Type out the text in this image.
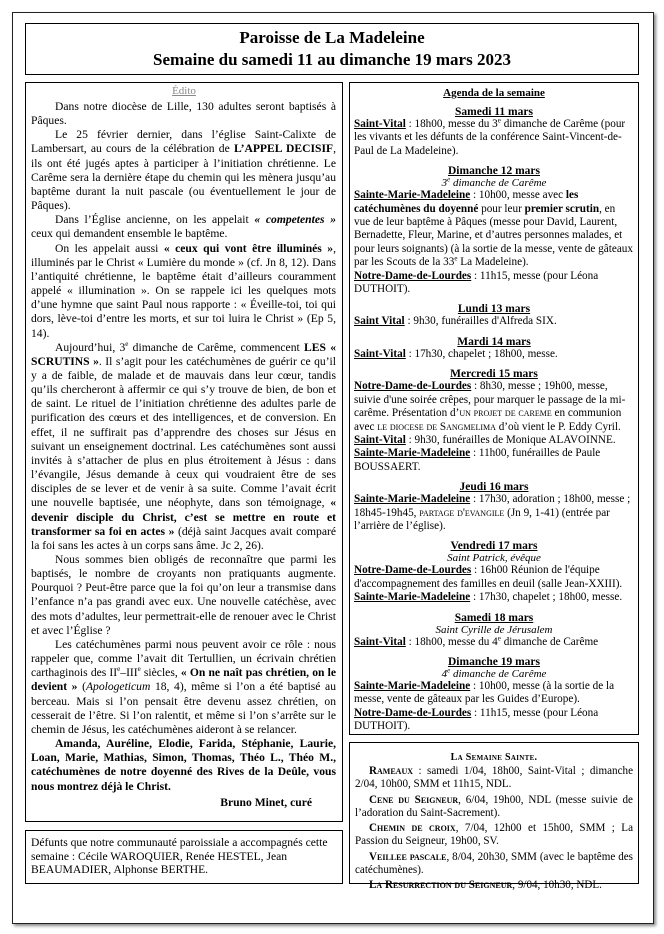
Paroisse de La Madeleine
Semaine du samedi 11 au dimanche 19 mars 2023
Édito

Dans notre diocèse de Lille, 130 adultes seront baptisés à Pâques.

Le 25 février dernier, dans l’église Saint-Calixte de Lambersart, au cours de la célébration de L’APPEL DECISIF, ils ont été jugés aptes à participer à l’initiation chrétienne. Le Carême sera la dernière étape du chemin qui les mènera jusqu’au baptême durant la nuit pascale (ou éventuellement le jour de Pâques).

Dans l’Église ancienne, on les appelait « competentes » ceux qui demandent ensemble le baptême.

On les appelait aussi « ceux qui vont être illuminés », illuminés par le Christ « Lumière du monde » (cf. Jn 8, 12). Dans l’antiquité chrétienne, le baptême était d’ailleurs couramment appelé « illumination ». On se rappele ici les quelques mots d’une hymne que saint Paul nous rapporte : « Éveille-toi, toi qui dors, lève-toi d’entre les morts, et sur toi luira le Christ » (Ep 5, 14).

Aujourd’hui, 3e dimanche de Carême, commencent LES « SCRUTINS ». Il s’agit pour les catéchumènes de guérir ce qu’il y a de faible, de malade et de mauvais dans leur cœur, tandis qu’ils chercheront à affermir ce qui s’y trouve de bien, de bon et de saint. Le rituel de l’initiation chrétienne des adultes parle de purification des cœurs et des intelligences, et de conversion. En effet, il ne suffirait pas d’apprendre des choses sur Jésus en suivant un enseignement doctrinal. Les catéchumènes sont aussi invités à s’attacher de plus en plus étroitement à Jésus : dans l’évangile, Jésus demande à ceux qui voudraient être de ses disciples de se lever et de venir à sa suite. Comme l’avait écrit une nouvelle baptisée, une néophyte, dans son témoignage, « devenir disciple du Christ, c’est se mettre en route et transformer sa foi en actes » (déjà saint Jacques avait comparé la foi sans les actes à un corps sans âme. Jc 2, 26).

Nous sommes bien obligés de reconnaître que parmi les baptisés, le nombre de croyants non pratiquants augmente. Pourquoi ? Peut-être parce que la foi qu’on leur a transmise dans l’enfance n’a pas grandi avec eux. Une nouvelle catéchèse, avec des mots d’adultes, leur permettrait-elle de renouer avec le Christ et avec l’Église ?

Les catéchumènes parmi nous peuvent avoir ce rôle : nous rappeler que, comme l’avait dit Tertullien, un écrivain chrétien carthaginois des IIe–IIIe siècles, « On ne naît pas chrétien, on le devient » (Apologeticum 18, 4), même si l’on a été baptisé au berceau. Mais si l’on pensait être devenu assez chrétien, on cesserait de l’être. Si l’on ralentit, et même si l’on s’arrête sur le chemin de Jésus, les catéchumènes aideront à se relancer.

Amanda, Auréline, Elodie, Farida, Stéphanie, Laurie, Loan, Marie, Mathias, Simon, Thomas, Théo L., Théo M., catéchumènes de notre doyenné des Rives de la Deûle, vous nous montrez déjà le Christ.

Bruno Minet, curé

Défunts que notre communauté paroissiale a accompagnés cette semaine : Cécile WAROQUIER, Renée HESTEL, Jean BEAUMADIER, Alphonse BERTHE.
Agenda de la semaine
Samedi 11 mars
Saint-Vital : 18h00, messe du 3e dimanche de Carême (pour les vivants et les défunts de la conférence Saint-Vincent-de-Paul de La Madeleine).
Dimanche 12 mars
3e dimanche de Carême
Sainte-Marie-Madeleine : 10h00, messe avec les catéchumènes du doyenné pour leur premier scrutin, en vue de leur baptême à Pâques (messe pour David, Laurent, Bernadette, Fleur, Marine, et d’autres personnes malades, et pour leurs soignants) (à la sortie de la messe, vente de gâteaux par les Scouts de la 33e La Madeleine).
Notre-Dame-de-Lourdes : 11h15, messe (pour Léona DUTHOIT).
Lundi 13 mars
Saint Vital : 9h30, funérailles d'Alfreda SIX.
Mardi 14 mars
Saint-Vital : 17h30, chapelet ; 18h00, messe.
Mercredi 15 mars
Notre-Dame-de-Lourdes : 8h30, messe ; 19h00, messe, suivie d'une soirée crêpes, pour marquer le passage de la mi-carême. Présentation d’un projet de careme en communion avec le diocese de Sangmelima d’où vient le P. Eddy Cyril.
Saint-Vital : 9h30, funérailles de Monique ALAVOINNE.
Sainte-Marie-Madeleine : 11h00, funérailles de Paule BOUSSAERT.
Jeudi 16 mars
Sainte-Marie-Madeleine : 17h30, adoration ; 18h00, messe ; 18h45-19h45, partage d'evangile (Jn 9, 1-41) (entrée par l’arrière de l’église).
Vendredi 17 mars
Saint Patrick, évêque
Notre-Dame-de-Lourdes : 16h00 Réunion de l'équipe d'accompagnement des familles en deuil (salle Jean-XXIII).
Sainte-Marie-Madeleine : 17h30, chapelet ; 18h00, messe.
Samedi 18 mars
Saint Cyrille de Jérusalem
Saint-Vital : 18h00, messe du 4e dimanche de Carême
Dimanche 19 mars
4e dimanche de Carême
Sainte-Marie-Madeleine : 10h00, messe (à la sortie de la messe, vente de gâteaux par les Guides d’Europe).
Notre-Dame-de-Lourdes : 11h15, messe (pour Léona DUTHOIT).
La Semaine Sainte.
Rameaux : samedi 1/04, 18h00, Saint-Vital ; dimanche 2/04, 10h00, SMM et 11h15, NDL.
Cene du Seigneur, 6/04, 19h00, NDL (messe suivie de l’adoration du Saint-Sacrement).
Chemin de croix, 7/04, 12h00 et 15h00, SMM ; La Passion du Seigneur, 19h00, SV.
Veillee pascale, 8/04, 20h30, SMM (avec le baptême des catéchumènes).
La Resurrection du Seigneur, 9/04, 10h30, NDL.
